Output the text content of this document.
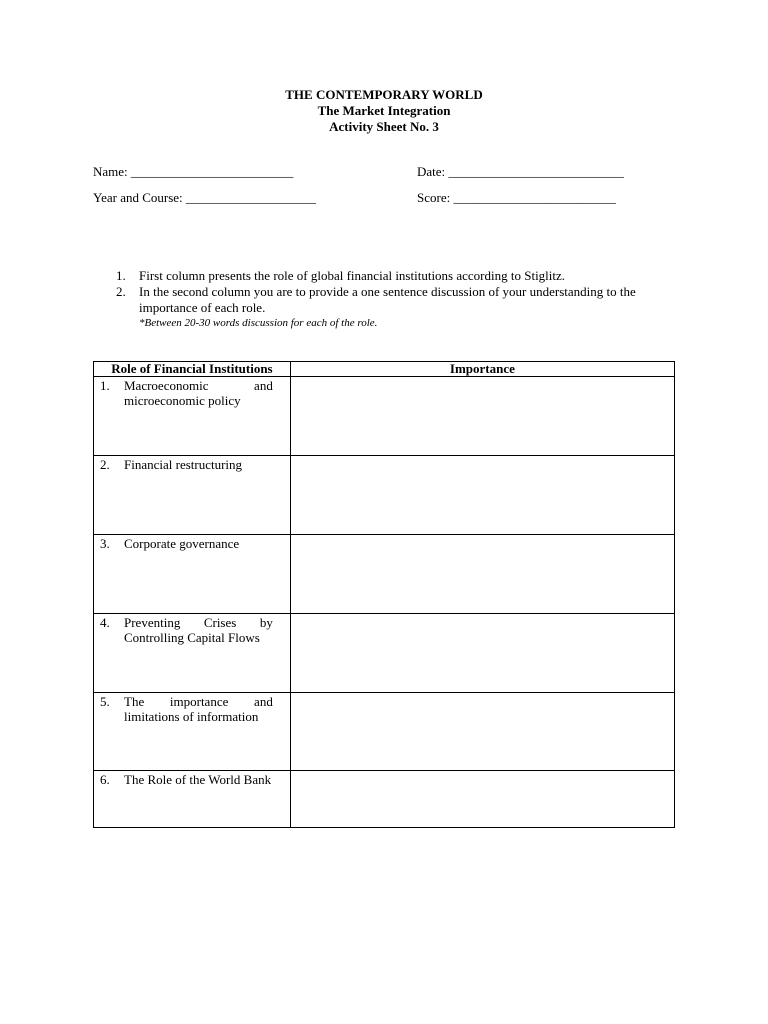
THE CONTEMPORARY WORLD
The Market Integration
Activity Sheet No. 3
Name: _________________________	Date: ___________________________
Year and Course: ____________________	Score: _________________________
1. First column presents the role of global financial institutions according to Stiglitz.
2. In the second column you are to provide a one sentence discussion of your understanding to the importance of each role.
*Between 20-30 words discussion for each of the role.
Role of Financial Institutions	Importance

1. Macroeconomic and microeconomic policy	

2. Financial restructuring	

3. Corporate governance	

4. Preventing Crises by Controlling Capital Flows	

5. The importance and limitations of information	

6. The Role of the World Bank	
